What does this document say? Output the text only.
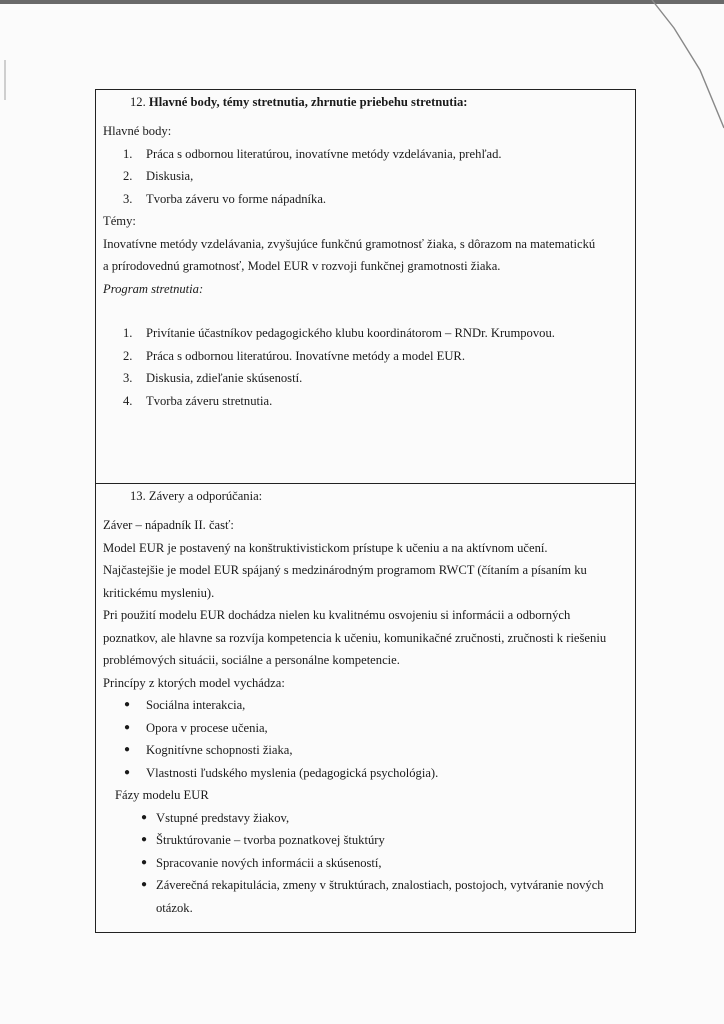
12. Hlavné body, témy stretnutia, zhrnutie priebehu stretnutia:

Hlavné body:

1. Práca s odbornou literatúrou, inovatívne metódy vzdelávania, prehľad.
2. Diskusia,
3. Tvorba záveru vo forme nápadníka.

Témy:

Inovatívne metódy vzdelávania, zvyšujúce funkčnú gramotnosť žiaka, s dôrazom na matematickú

a prírodovednú gramotnosť, Model EUR v rozvoji funkčnej gramotnosti žiaka.

Program stretnutia:

1. Privítanie účastníkov pedagogického klubu koordinátorom – RNDr. Krumpovou.
2. Práca s odbornou literatúrou. Inovatívne metódy a model EUR.
3. Diskusia, zdieľanie skúseností.
4. Tvorba záveru stretnutia.

13. Závery a odporúčania:

Záver – nápadník II. časť:

Model EUR je postavený na konštruktivistickom prístupe k učeniu a na aktívnom učení.

Najčastejšie je model EUR spájaný s medzinárodným programom RWCT (čítaním a písaním ku

kritickému mysleniu).

Pri použití modelu EUR dochádza nielen ku kvalitnému osvojeniu si informácii a odborných

poznatkov, ale hlavne sa rozvíja kompetencia k učeniu, komunikačné zručnosti, zručnosti k riešeniu

problémových situácii, sociálne a personálne kompetencie.

Princípy z ktorých model vychádza:

● Sociálna interakcia,
● Opora v procese učenia,
● Kognitívne schopnosti žiaka,
● Vlastnosti ľudského myslenia (pedagogická psychológia).

Fázy modelu EUR

● Vstupné predstavy žiakov,
● Štruktúrovanie – tvorba poznatkovej štuktúry
● Spracovanie nových informácii a skúseností,
● Záverečná rekapitulácia, zmeny v štruktúrach, znalostiach, postojoch, vytváranie nových
otázok.
